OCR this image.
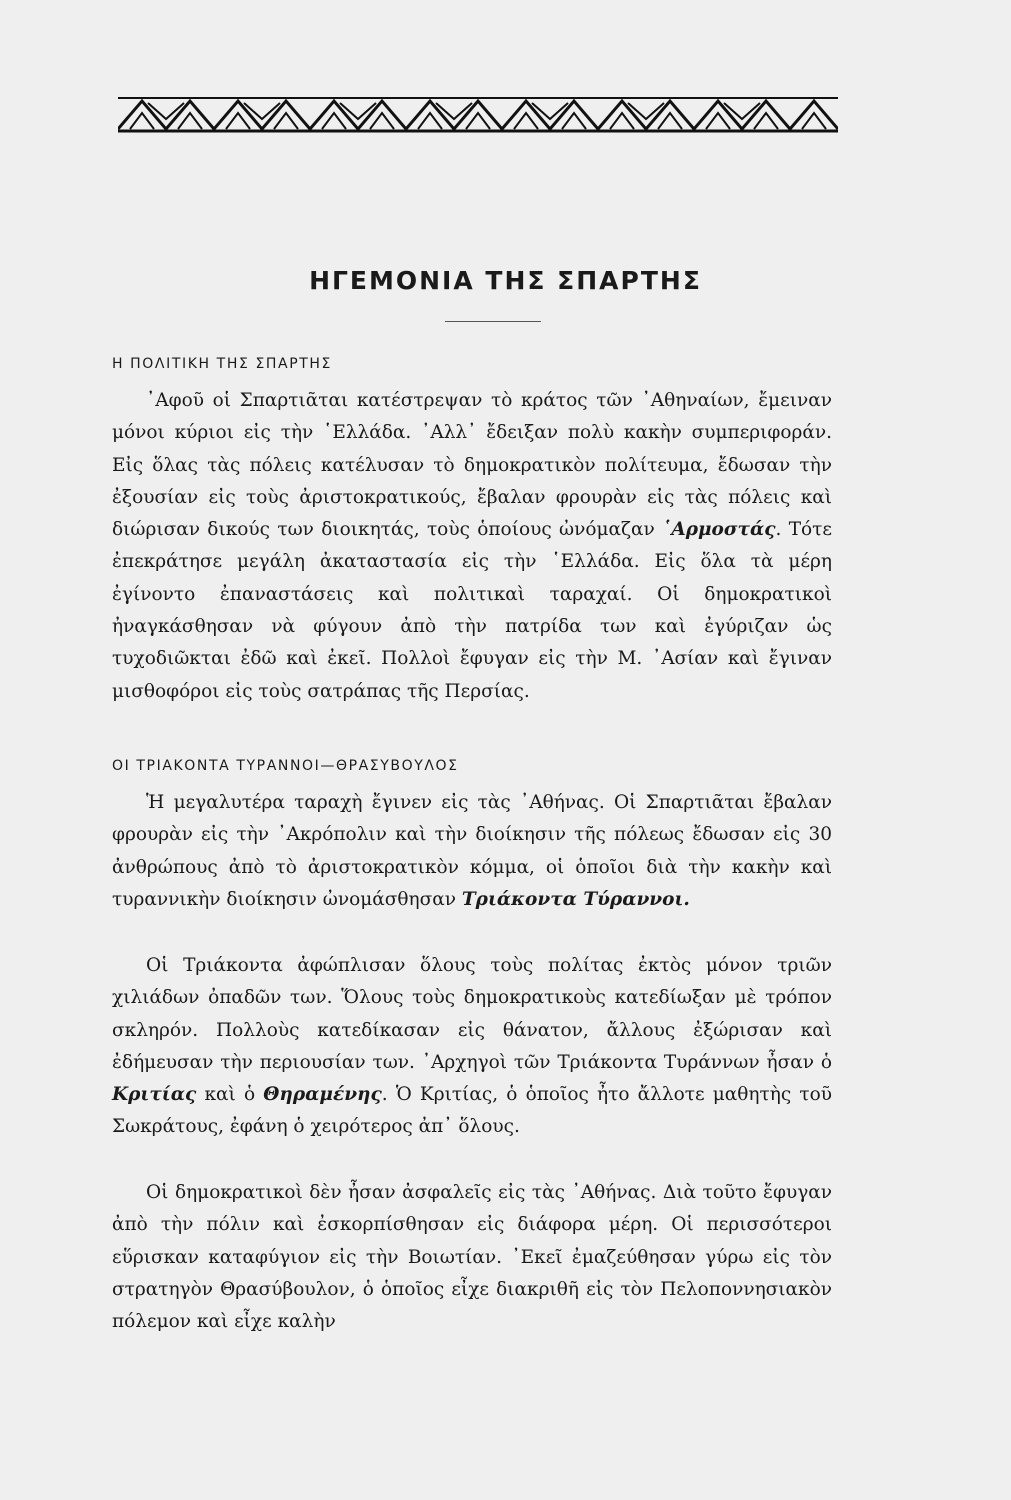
ΗΓΕΜΟΝΙΑ ΤΗΣ ΣΠΑΡΤΗΣ
Η ΠΟΛΙΤΙΚΗ ΤΗΣ ΣΠΑΡΤΗΣ

᾿Αφοῦ οἱ Σπαρτιᾶται κατέστρεψαν τὸ κράτος τῶν ᾿Αθηναίων, ἔμειναν μόνοι κύριοι εἰς τὴν ῾Ελλάδα. ᾿Αλλ᾿ ἔδειξαν πολὺ κακὴν συμπεριφοράν. Εἰς ὅλας τὰς πόλεις κατέλυσαν τὸ δημοκρατικὸν πολίτευμα, ἔδωσαν τὴν ἐξουσίαν εἰς τοὺς ἀριστοκρατικούς, ἔβαλαν φρουρὰν εἰς τὰς πόλεις καὶ διώρισαν δικούς των διοικητάς, τοὺς ὁποίους ὠνόμαζαν ῾Αρμοστάς. Τότε ἐπεκράτησε μεγάλη ἀκαταστασία εἰς τὴν ῾Ελλάδα. Εἰς ὅλα τὰ μέρη ἐγίνοντο ἐπαναστάσεις καὶ πολιτικαὶ ταραχαί. Οἱ δημοκρατικοὶ ἠναγκάσθησαν νὰ φύγουν ἀπὸ τὴν πατρίδα των καὶ ἐγύριζαν ὡς τυχοδιῶκται ἐδῶ καὶ ἐκεῖ. Πολλοὶ ἔφυγαν εἰς τὴν Μ. ᾿Ασίαν καὶ ἔγιναν μισθοφόροι εἰς τοὺς σατράπας τῆς Περσίας.

ΟΙ ΤΡΙΑΚΟΝΤΑ ΤΥΡΑΝΝΟΙ—ΘΡΑΣΥΒΟΥΛΟΣ

Ἡ μεγαλυτέρα ταραχὴ ἔγινεν εἰς τὰς ᾿Αθήνας. Οἱ Σπαρτιᾶται ἔβαλαν φρουρὰν εἰς τὴν ᾿Ακρόπολιν καὶ τὴν διοίκησιν τῆς πόλεως ἔδωσαν εἰς 30 ἀνθρώπους ἀπὸ τὸ ἀριστοκρατικὸν κόμμα, οἱ ὁποῖοι διὰ τὴν κακὴν καὶ τυραννικὴν διοίκησιν ὠνομάσθησαν Τριάκοντα Τύραννοι.

Οἱ Τριάκοντα ἀφώπλισαν ὅλους τοὺς πολίτας ἐκτὸς μόνον τριῶν χιλιάδων ὀπαδῶν των. Ὅλους τοὺς δημοκρατικοὺς κατεδίωξαν μὲ τρόπον σκληρόν. Πολλοὺς κατεδίκασαν εἰς θάνατον, ἄλλους ἐξώρισαν καὶ ἐδήμευσαν τὴν περιουσίαν των. ᾿Αρχηγοὶ τῶν Τριάκοντα Τυράννων ἦσαν ὁ Κριτίας καὶ ὁ Θηραμένης. Ὁ Κριτίας, ὁ ὁποῖος ἦτο ἄλλοτε μαθητὴς τοῦ Σωκράτους, ἐφάνη ὁ χειρότερος ἀπ᾿ ὅλους.

Οἱ δημοκρατικοὶ δὲν ἦσαν ἀσφαλεῖς εἰς τὰς ᾿Αθήνας. Διὰ τοῦτο ἔφυγαν ἀπὸ τὴν πόλιν καὶ ἐσκορπίσθησαν εἰς διάφορα μέρη. Οἱ περισσότεροι εὕρισκαν καταφύγιον εἰς τὴν Βοιωτίαν. ᾿Εκεῖ ἐμαζεύθησαν γύρω εἰς τὸν στρατηγὸν Θρασύβουλον, ὁ ὁποῖος εἶχε διακριθῆ εἰς τὸν Πελοποννησιακὸν πόλεμον καὶ εἶχε καλὴν
